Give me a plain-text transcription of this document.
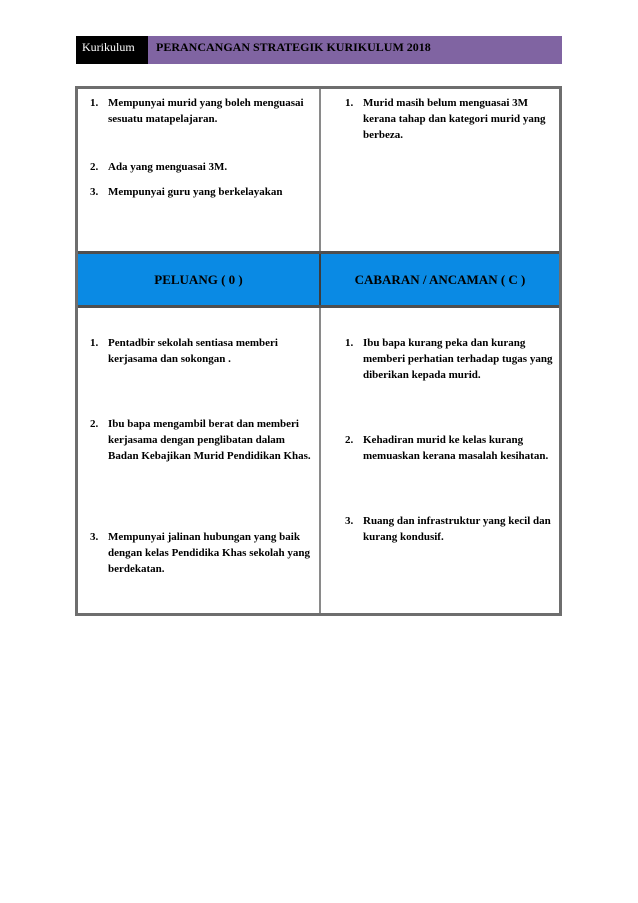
Kurikulum	PERANCANGAN STRATEGIK KURIKULUM 2018
1. Mempunyai murid yang boleh menguasai sesuatu matapelajaran.
2. Ada yang menguasai 3M.
3. Mempunyai guru yang berkelayakan
1. Murid masih belum menguasai 3M kerana tahap dan kategori murid yang berbeza.
PELUANG ( 0 )	CABARAN / ANCAMAN ( C )
1. Pentadbir sekolah sentiasa memberi kerjasama dan sokongan .
2. Ibu bapa mengambil berat dan memberi kerjasama dengan penglibatan dalam Badan Kebajikan Murid Pendidikan Khas.
3. Mempunyai jalinan hubungan yang baik dengan kelas Pendidika Khas sekolah yang berdekatan.
1. Ibu bapa kurang peka dan kurang memberi perhatian terhadap tugas yang diberikan kepada murid.
2. Kehadiran murid ke kelas kurang memuaskan kerana masalah kesihatan.
3. Ruang dan infrastruktur yang kecil dan kurang kondusif.
